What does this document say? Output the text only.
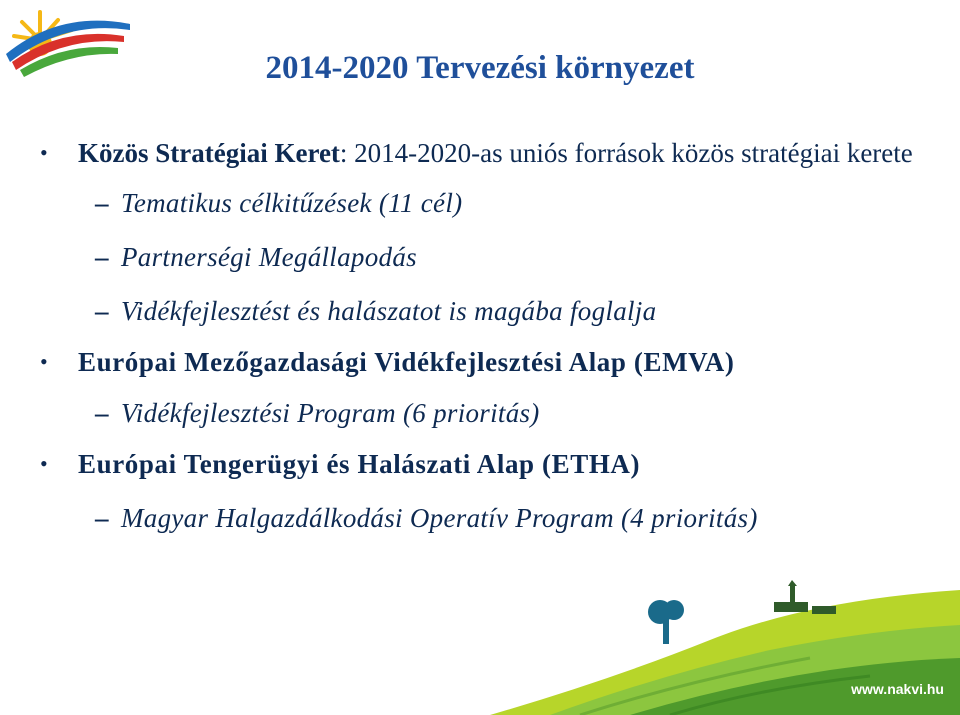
2014-2020 Tervezési környezet
•	Közös Stratégiai Keret: 2014-2020-as uniós források közös stratégiai kerete
– Tematikus célkitűzések (11 cél)
– Partnerségi Megállapodás
– Vidékfejlesztést és halászatot is magába foglalja
•	Európai Mezőgazdasági Vidékfejlesztési Alap (EMVA)
– Vidékfejlesztési Program (6 prioritás)
•	Európai Tengerügyi és Halászati Alap (ETHA)
– Magyar Halgazdálkodási Operatív Program (4 prioritás)
www.nakvi.hu
